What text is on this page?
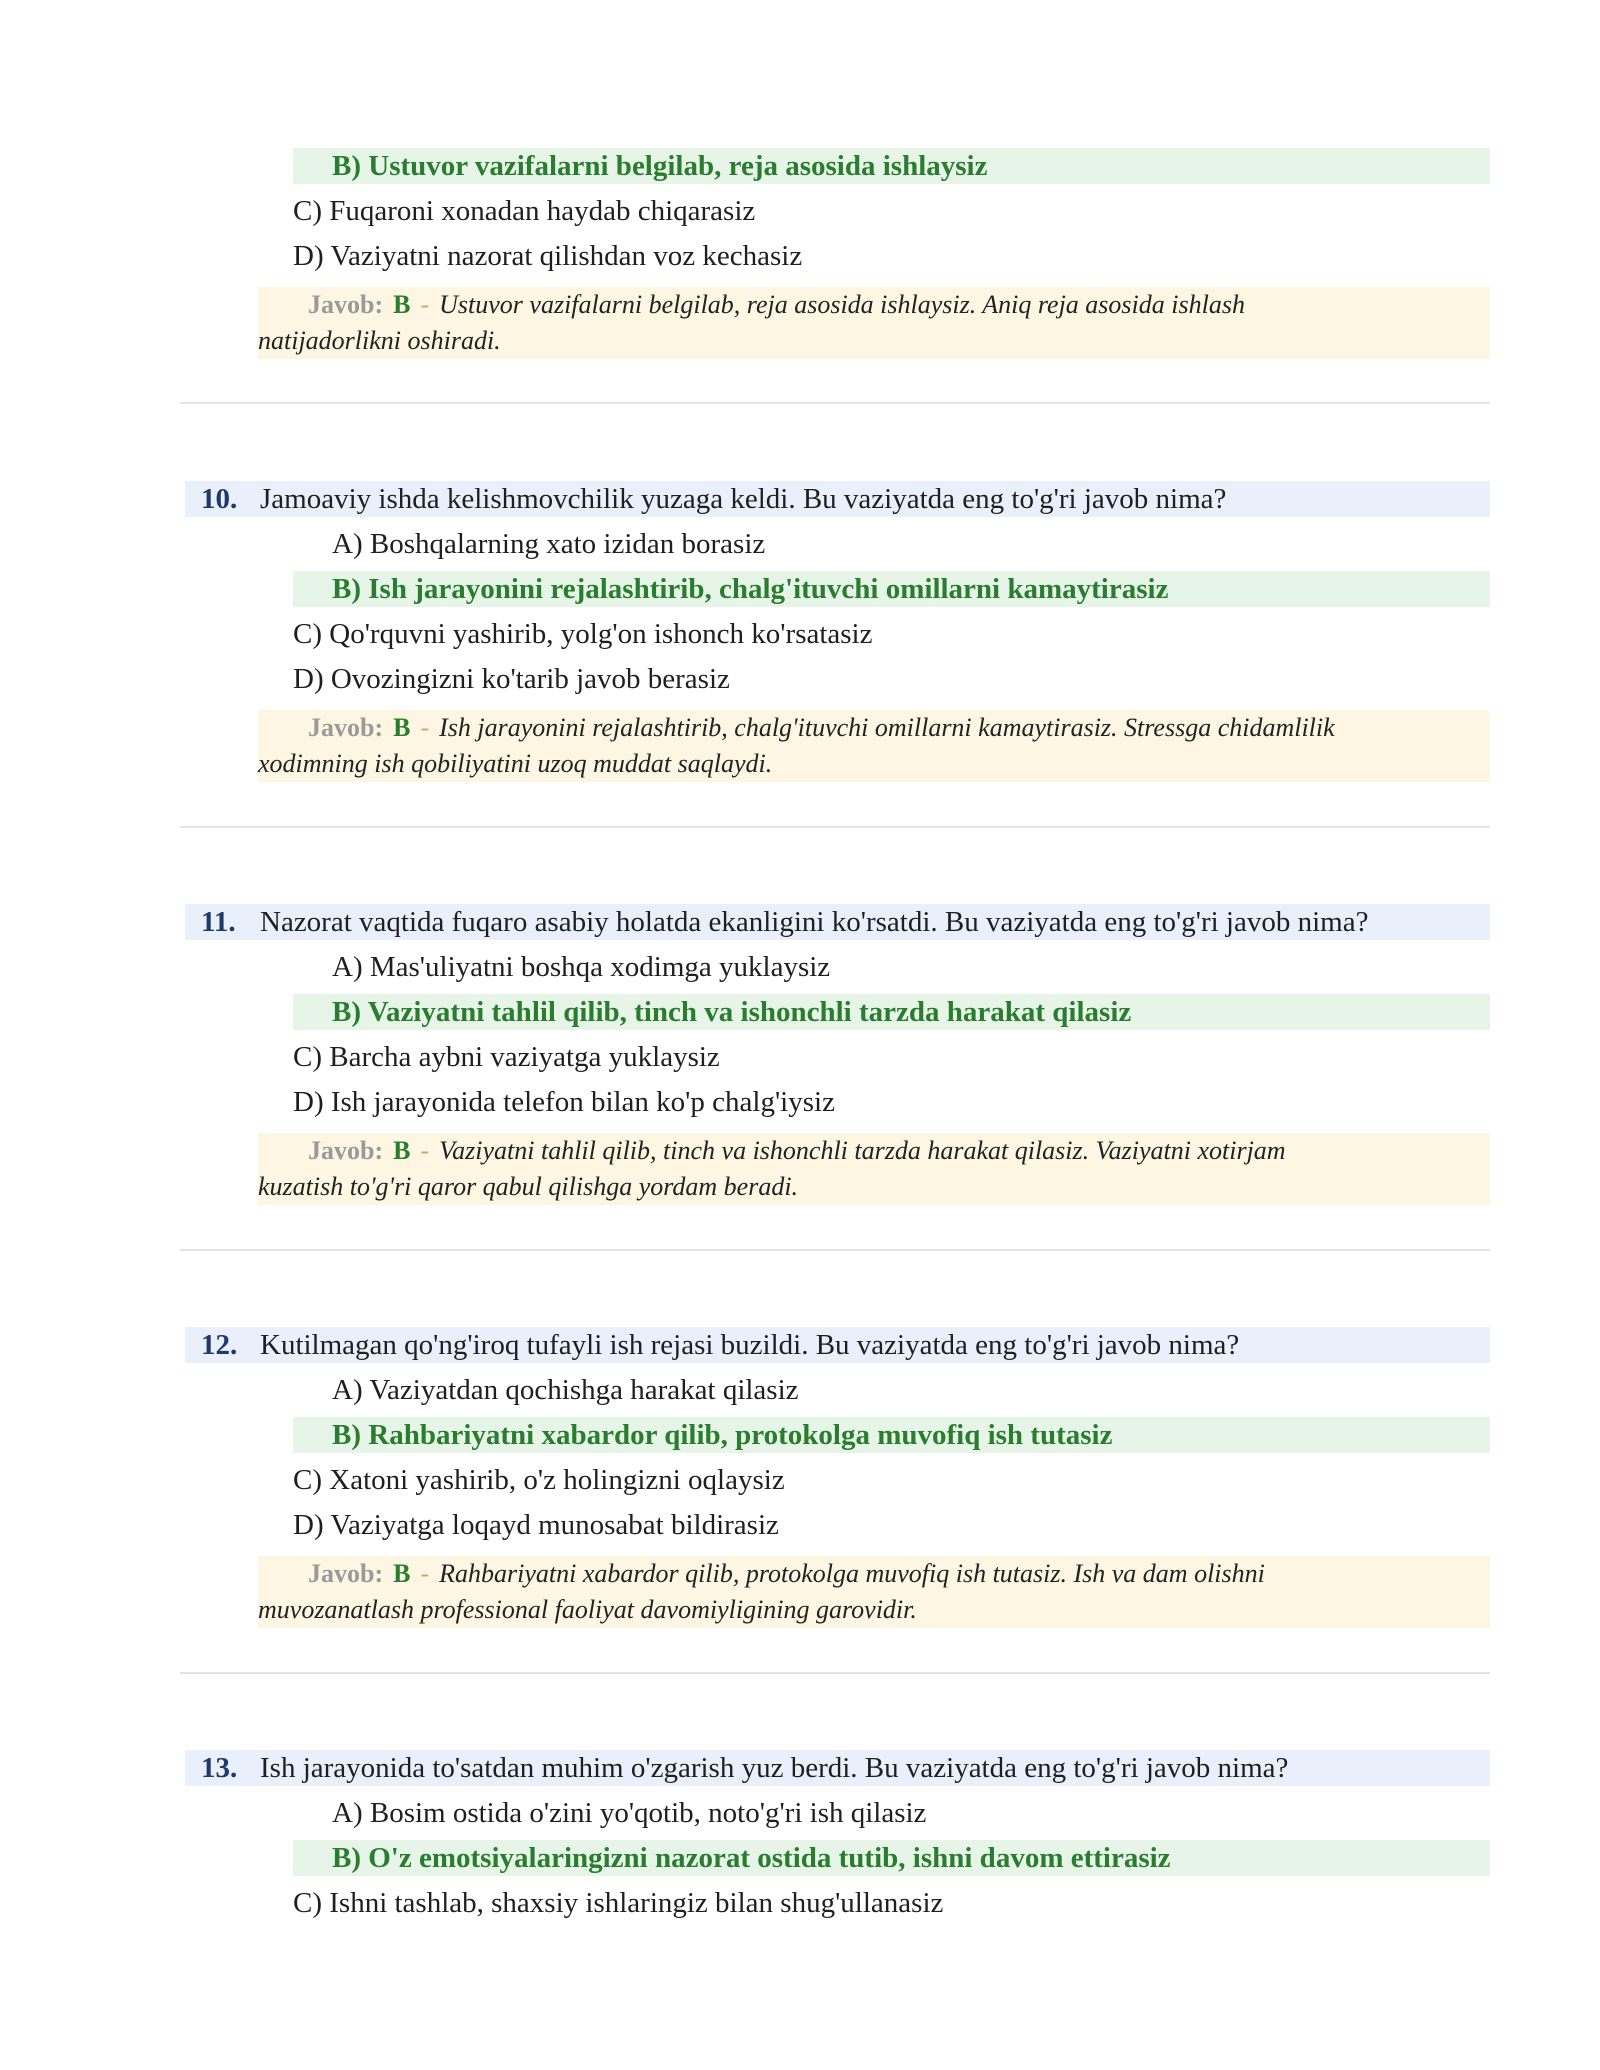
B) Ustuvor vazifalarni belgilab, reja asosida ishlaysiz
C) Fuqaroni xonadan haydab chiqarasiz
D) Vaziyatni nazorat qilishdan voz kechasiz
Javob: B - Ustuvor vazifalarni belgilab, reja asosida ishlaysiz. Aniq reja asosida ishlash
natijadorlikni oshiradi.
10. Jamoaviy ishda kelishmovchilik yuzaga keldi. Bu vaziyatda eng to'g'ri javob nima?
A) Boshqalarning xato izidan borasiz
B) Ish jarayonini rejalashtirib, chalg'ituvchi omillarni kamaytirasiz
C) Qo'rquvni yashirib, yolg'on ishonch ko'rsatasiz
D) Ovozingizni ko'tarib javob berasiz
Javob: B - Ish jarayonini rejalashtirib, chalg'ituvchi omillarni kamaytirasiz. Stressga chidamlilik
xodimning ish qobiliyatini uzoq muddat saqlaydi.
11. Nazorat vaqtida fuqaro asabiy holatda ekanligini ko'rsatdi. Bu vaziyatda eng to'g'ri javob nima?
A) Mas'uliyatni boshqa xodimga yuklaysiz
B) Vaziyatni tahlil qilib, tinch va ishonchli tarzda harakat qilasiz
C) Barcha aybni vaziyatga yuklaysiz
D) Ish jarayonida telefon bilan ko'p chalg'iysiz
Javob: B - Vaziyatni tahlil qilib, tinch va ishonchli tarzda harakat qilasiz. Vaziyatni xotirjam
kuzatish to'g'ri qaror qabul qilishga yordam beradi.
12. Kutilmagan qo'ng'iroq tufayli ish rejasi buzildi. Bu vaziyatda eng to'g'ri javob nima?
A) Vaziyatdan qochishga harakat qilasiz
B) Rahbariyatni xabardor qilib, protokolga muvofiq ish tutasiz
C) Xatoni yashirib, o'z holingizni oqlaysiz
D) Vaziyatga loqayd munosabat bildirasiz
Javob: B - Rahbariyatni xabardor qilib, protokolga muvofiq ish tutasiz. Ish va dam olishni
muvozanatlash professional faoliyat davomiyligining garovidir.
13. Ish jarayonida to'satdan muhim o'zgarish yuz berdi. Bu vaziyatda eng to'g'ri javob nima?
A) Bosim ostida o'zini yo'qotib, noto'g'ri ish qilasiz
B) O'z emotsiyalaringizni nazorat ostida tutib, ishni davom ettirasiz
C) Ishni tashlab, shaxsiy ishlaringiz bilan shug'ullanasiz
